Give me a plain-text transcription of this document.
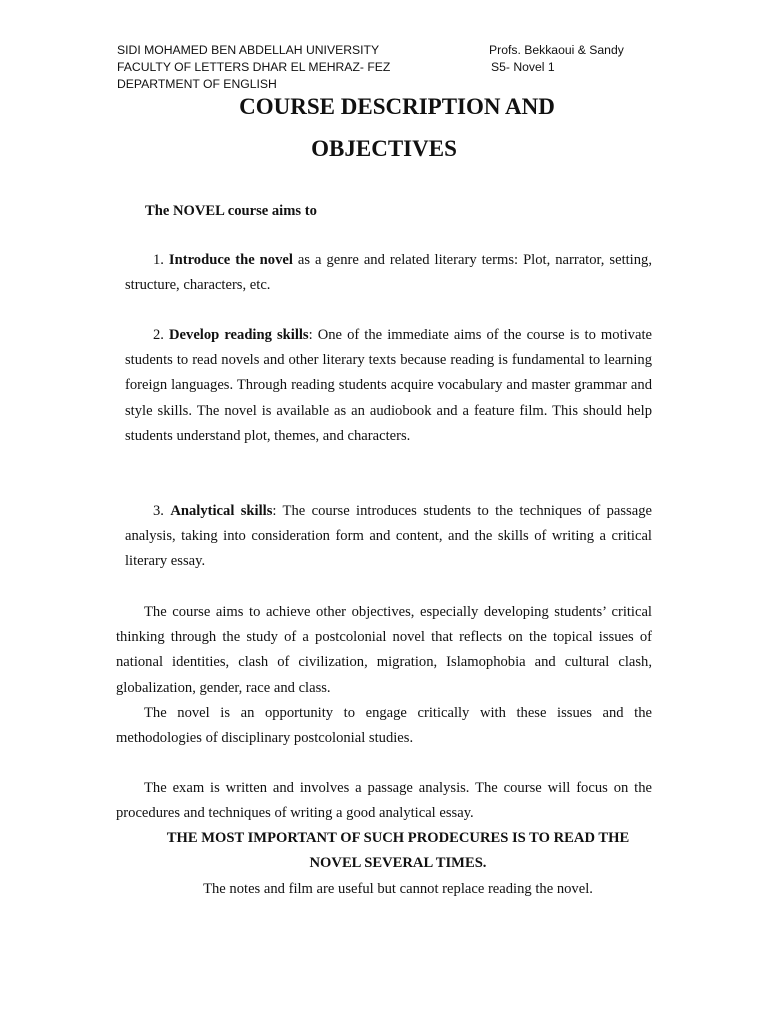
SIDI MOHAMED BEN ABDELLAH UNIVERSITY
FACULTY OF LETTERS DHAR EL MEHRAZ- FEZ
DEPARTMENT OF ENGLISH
Profs. Bekkaoui & Sandy
S5- Novel 1
COURSE DESCRIPTION AND
OBJECTIVES
The NOVEL course aims to
1. Introduce the novel as a genre and related literary terms: Plot, narrator, setting, structure, characters, etc.
2. Develop reading skills: One of the immediate aims of the course is to motivate students to read novels and other literary texts because reading is fundamental to learning foreign languages. Through reading students acquire vocabulary and master grammar and style skills. The novel is available as an audiobook and a feature film. This should help students understand plot, themes, and characters.
3. Analytical skills: The course introduces students to the techniques of passage analysis, taking into consideration form and content, and the skills of writing a critical literary essay.
The course aims to achieve other objectives, especially developing students’ critical thinking through the study of a postcolonial novel that reflects on the topical issues of national identities, clash of civilization, migration, Islamophobia and cultural clash, globalization, gender, race and class.
The novel is an opportunity to engage critically with these issues and the methodologies of disciplinary postcolonial studies.
The exam is written and involves a passage analysis. The course will focus on the procedures and techniques of writing a good analytical essay.
THE MOST IMPORTANT OF SUCH PRODECURES IS TO READ THE
NOVEL SEVERAL TIMES.
The notes and film are useful but cannot replace reading the novel.
